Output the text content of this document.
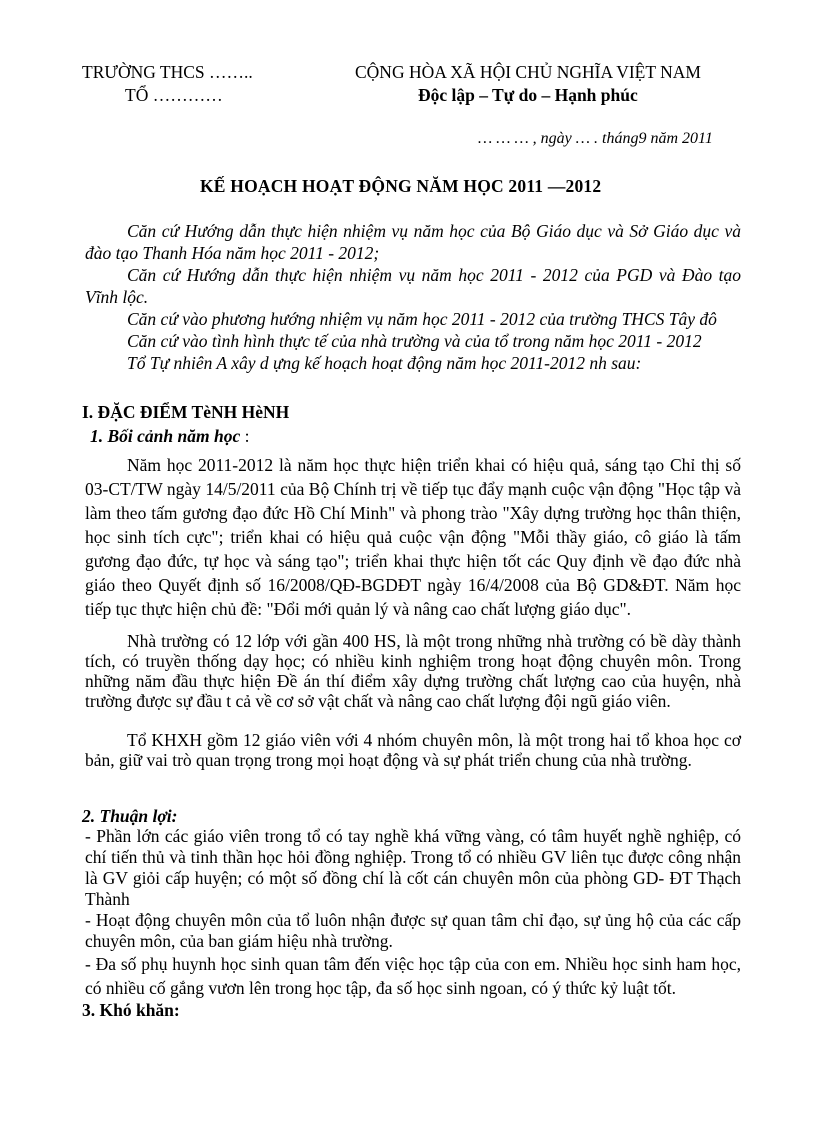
TRƯỜNG THCS ……..
TỔ …………
CỘNG HÒA XÃ HỘI CHỦ NGHĨA VIỆT NAM
Độc lập – Tự do – Hạnh phúc
… … … , ngày … . tháng9 năm 2011
KẾ HOẠCH HOẠT ĐỘNG NĂM HỌC 2011 —2012
Căn cứ Hướng dẫn thực hiện nhiệm vụ năm học của Bộ Giáo dục và Sở Giáo dục và đào tạo Thanh Hóa năm học 2011 - 2012;
Căn cứ Hướng dẫn thực hiện nhiệm vụ năm học 2011 - 2012 của PGD và Đào tạo Vĩnh lộc.
Căn cứ vào phương hướng nhiệm vụ năm học 2011 - 2012 của trường THCS Tây đô
Căn cứ vào tình hình thực tế của nhà trường và của tổ trong năm học 2011 - 2012
Tổ Tự nhiên A xây d ựng kế hoạch hoạt động năm học 2011-2012 nh sau:
I. ĐẶC ĐIỂM TèNH HèNH
1. Bối cảnh năm học :
Năm học 2011-2012 là năm học thực hiện triển khai có hiệu quả, sáng tạo Chỉ thị số 03-CT/TW ngày 14/5/2011 của Bộ Chính trị về tiếp tục đẩy mạnh cuộc vận động "Học tập và làm theo tấm gương đạo đức Hồ Chí Minh" và phong trào "Xây dựng trường học thân thiện, học sinh tích cực"; triển khai có hiệu quả cuộc vận động "Mỗi thầy giáo, cô giáo là tấm gương đạo đức, tự học và sáng tạo"; triển khai thực hiện tốt các Quy định về đạo đức nhà giáo theo Quyết định số 16/2008/QĐ-BGDĐT ngày 16/4/2008 của Bộ GD&ĐT. Năm học tiếp tục thực hiện chủ đề: "Đổi mới quản lý và nâng cao chất lượng giáo dục".
Nhà trường có 12 lớp với gần 400 HS, là một trong những nhà trường có bề dày thành tích, có truyền thống dạy học; có nhiều kinh nghiệm trong hoạt động chuyên môn. Trong những năm đầu thực hiện Đề án thí điểm xây dựng trường chất lượng cao của huyện, nhà trường được sự đầu t cả về cơ sở vật chất và nâng cao chất lượng đội ngũ giáo viên.
Tổ KHXH gồm 12 giáo viên với 4 nhóm chuyên môn, là một trong hai tổ khoa học cơ bản, giữ vai trò quan trọng trong mọi hoạt động và sự phát triển chung của nhà trường.
2. Thuận lợi:
- Phần lớn các giáo viên trong tổ có tay nghề khá vững vàng, có tâm huyết nghề nghiệp, có chí tiến thủ và tinh thần học hỏi đồng nghiệp. Trong tổ có nhiều GV liên tục được công nhận là GV giỏi cấp huyện; có một số đồng chí là cốt cán chuyên môn của phòng GD- ĐT Thạch Thành
- Hoạt động chuyên môn của tổ luôn nhận được sự quan tâm chỉ đạo, sự ủng hộ của các cấp chuyên môn, của ban giám hiệu nhà trường.
- Đa số phụ huynh học sinh quan tâm đến việc học tập của con em. Nhiều học sinh ham học, có nhiều cố gắng vươn lên trong học tập, đa số học sinh ngoan, có ý thức kỷ luật tốt.
3. Khó khăn:
